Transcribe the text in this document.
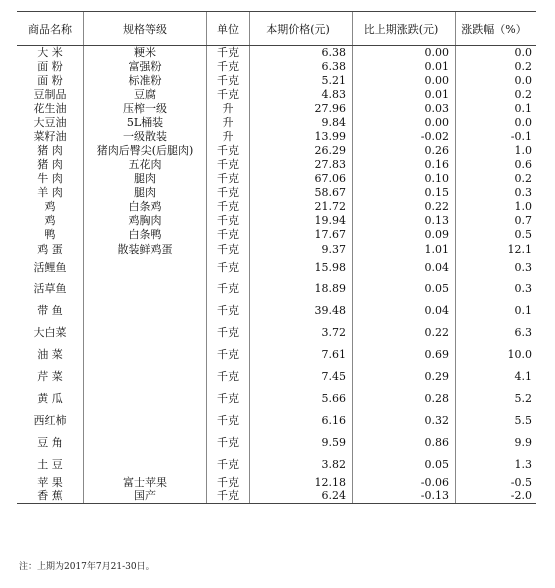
商品名称	规格等级	单位	本期价格(元)	比上期涨跌(元)	涨跌幅（%）
大 米	粳米	千克	6.38	0.00	0.0
面 粉	富强粉	千克	6.38	0.01	0.2
面 粉	标准粉	千克	5.21	0.00	0.0
豆制品	豆腐	千克	4.83	0.01	0.2
花生油	压榨一级	升	27.96	0.03	0.1
大豆油	5L桶装	升	9.84	0.00	0.0
菜籽油	一级散装	升	13.99	-0.02	-0.1
猪 肉	猪肉后臀尖(后腿肉)	千克	26.29	0.26	1.0
猪 肉	五花肉	千克	27.83	0.16	0.6
牛 肉	腿肉	千克	67.06	0.10	0.2
羊 肉	腿肉	千克	58.67	0.15	0.3
鸡	白条鸡	千克	21.72	0.22	1.0
鸡	鸡胸肉	千克	19.94	0.13	0.7
鸭	白条鸭	千克	17.67	0.09	0.5
鸡 蛋	散装鲜鸡蛋	千克	9.37	1.01	12.1
活鲤鱼		千克	15.98	0.04	0.3
活草鱼		千克	18.89	0.05	0.3
带 鱼		千克	39.48	0.04	0.1
大白菜		千克	3.72	0.22	6.3
油 菜		千克	7.61	0.69	10.0
芹 菜		千克	7.45	0.29	4.1
黄 瓜		千克	5.66	0.28	5.2
西红柿		千克	6.16	0.32	5.5
豆 角		千克	9.59	0.86	9.9
土 豆		千克	3.82	0.05	1.3
苹 果	富士苹果	千克	12.18	-0.06	-0.5
香 蕉	国产	千克	6.24	-0.13	-2.0
注：上期为2017年7月21-30日。
